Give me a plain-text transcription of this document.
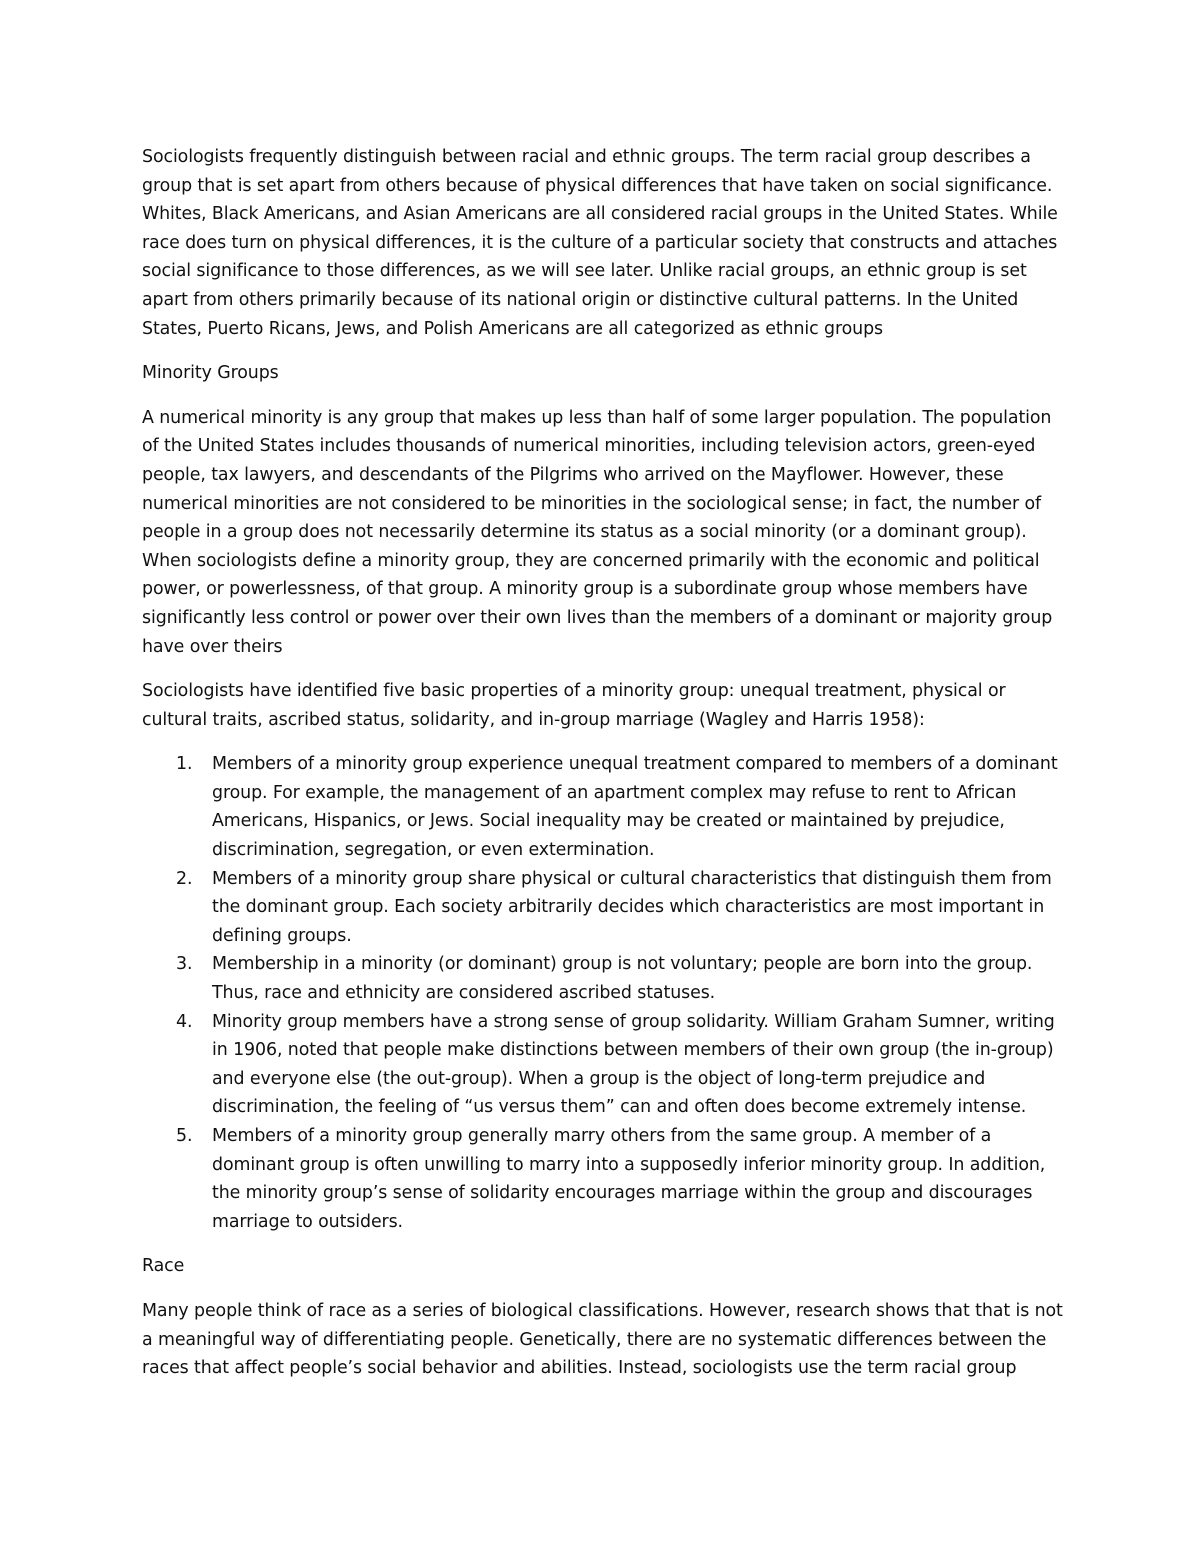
Sociologists frequently distinguish between racial and ethnic groups. The term racial group describes a group that is set apart from others because of physical differences that have taken on social significance. Whites, Black Americans, and Asian Americans are all considered racial groups in the United States. While race does turn on physical differences, it is the culture of a particular society that constructs and attaches social significance to those differences, as we will see later. Unlike racial groups, an ethnic group is set apart from others primarily because of its national origin or distinctive cultural patterns. In the United States, Puerto Ricans, Jews, and Polish Americans are all categorized as ethnic groups

Minority Groups

A numerical minority is any group that makes up less than half of some larger population. The population of the United States includes thousands of numerical minorities, including television actors, green-eyed people, tax lawyers, and descendants of the Pilgrims who arrived on the Mayflower. However, these numerical minorities are not considered to be minorities in the sociological sense; in fact, the number of people in a group does not necessarily determine its status as a social minority (or a dominant group). When sociologists define a minority group, they are concerned primarily with the economic and political power, or powerlessness, of that group. A minority group is a subordinate group whose members have significantly less control or power over their own lives than the members of a dominant or majority group have over theirs

Sociologists have identified five basic properties of a minority group: unequal treatment, physical or cultural traits, ascribed status, solidarity, and in-group marriage (Wagley and Harris 1958):

1. Members of a minority group experience unequal treatment compared to members of a dominant group. For example, the management of an apartment complex may refuse to rent to African Americans, Hispanics, or Jews. Social inequality may be created or maintained by prejudice, discrimination, segregation, or even extermination.
2. Members of a minority group share physical or cultural characteristics that distinguish them from the dominant group. Each society arbitrarily decides which characteristics are most important in defining groups.
3. Membership in a minority (or dominant) group is not voluntary; people are born into the group. Thus, race and ethnicity are considered ascribed statuses.
4. Minority group members have a strong sense of group solidarity. William Graham Sumner, writing in 1906, noted that people make distinctions between members of their own group (the in-group) and everyone else (the out-group). When a group is the object of long-term prejudice and discrimination, the feeling of “us versus them” can and often does become extremely intense.
5. Members of a minority group generally marry others from the same group. A member of a dominant group is often unwilling to marry into a supposedly inferior minority group. In addition, the minority group’s sense of solidarity encourages marriage within the group and discourages marriage to outsiders.

Race

Many people think of race as a series of biological classifications. However, research shows that that is not a meaningful way of differentiating people. Genetically, there are no systematic differences between the races that affect people’s social behavior and abilities. Instead, sociologists use the term racial group
